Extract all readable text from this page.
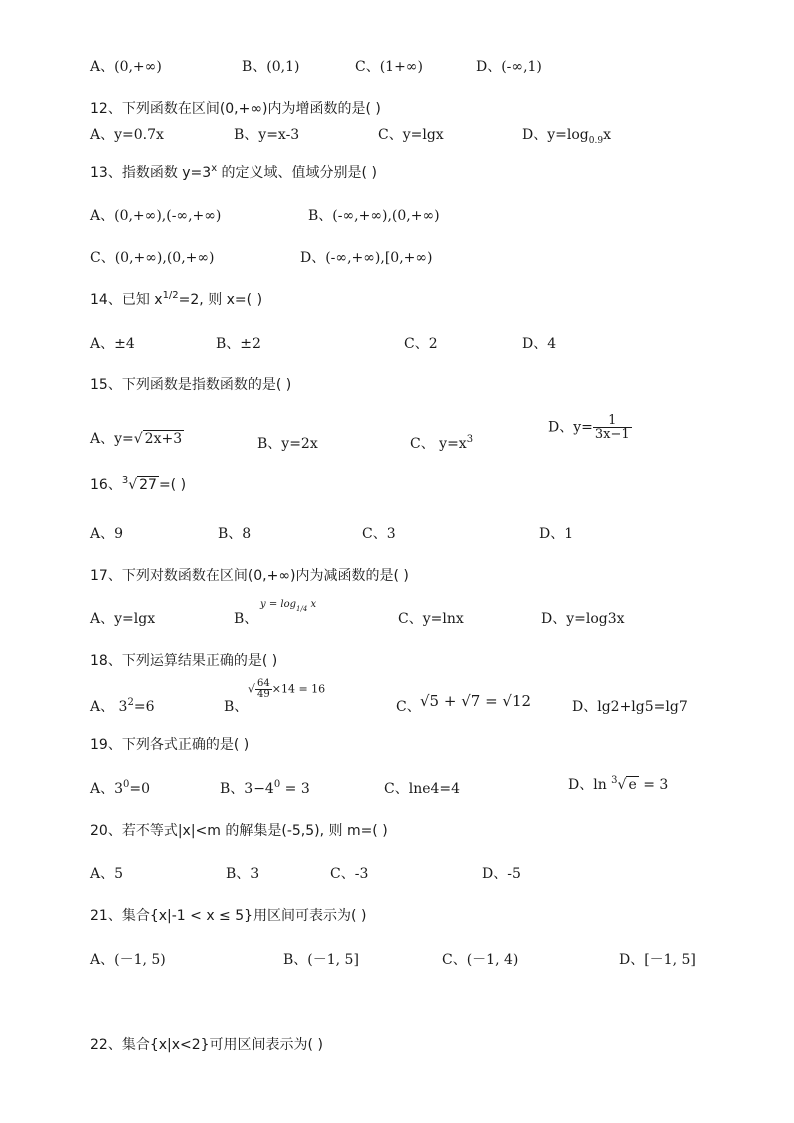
A、(0,+∞)	B、(0,1)	C、(1+∞)	D、(-∞,1)
12、下列函数在区间(0,+∞)内为增函数的是( )
A、y=0.7x	B、y=x-3	C、y=lgx	D、$y=\log_{0.9}x$
13、指数函数 $y=3^x$ 的定义域、值域分别是( )
A、(0,+∞),(-∞,+∞)	B、(-∞,+∞),(0,+∞)
C、(0,+∞),(0,+∞)	D、(-∞,+∞),[0,+∞)
14、已知 $x^{1/2}=2$, 则 x=( )
A、±4	B、±2	C、2	D、4
15、下列函数是指数函数的是( )
A、y=√ 2x+3	B、y=2x	C、 $y=x^3$
D、$y= \frac{1}{3x-1}$
16、$^3$√ 27 =( )
A、9	B、8	C、3	D、1
17、下列对数函数在区间(0,+∞)内为减函数的是( )
A、y=lgx	B、
$y = \log_{1/4} x$
C、y=lnx	D、y=log3x
18、下列运算结果正确的是( )
A、 $3^2=6$	B、
√ $\frac{64}{49} \times 14 = 16$
C、 √5 + √7 = √12	D、lg2+lg5=lg7
19、下列各式正确的是( )
A、$3^0=0$	B、$3-4^0 = 3$	C、lne4=4	D、ln $^3$√ e = 3
20、若不等式|x|<m 的解集是(-5,5), 则 m=( )
A、5	B、3	C、-3	D、-5
21、集合{x|-1 < x ≤ 5}用区间可表示为( )
A、(－1, 5)	B、(－1, 5]	C、(－1, 4)	D、[－1, 5]
22、集合{x|x<2}可用区间表示为( )
